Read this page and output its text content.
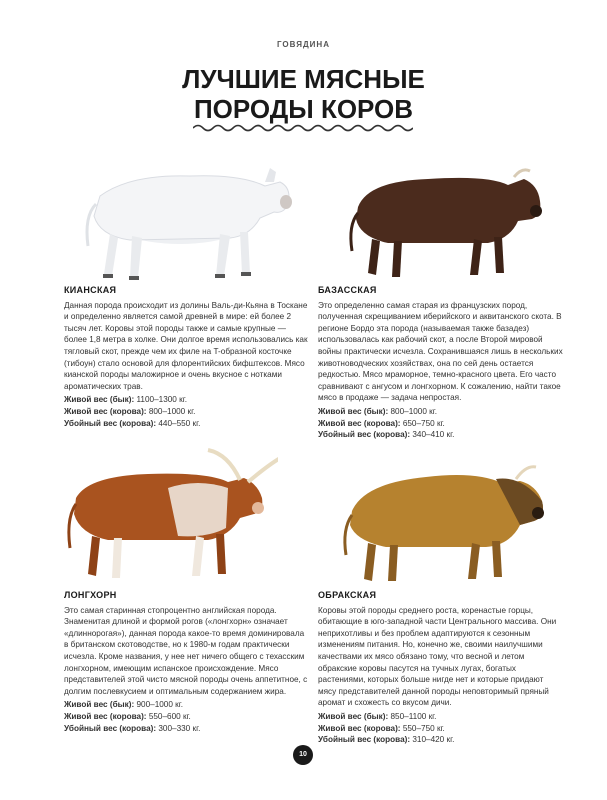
ГОВЯДИНА
ЛУЧШИЕ МЯСНЫЕ
ПОРОДЫ КОРОВ
КИАНСКАЯ

Данная порода происходит из долины Валь-ди-Кьяна в Тоскане и определенно является самой древней в мире: ей более 2 тысяч лет. Коровы этой породы также и самые крупные — более 1,8 метра в холке. Они долгое время использовались как тягловый скот, прежде чем их филе на T-образной косточке (тибоун) стало основой для флорентийских бифштексов. Мясо кианской породы маложирное и очень вкусное с нотками ароматических трав.

Живой вес (бык): 1100–1300 кг.
Живой вес (корова): 800–1000 кг.
Убойный вес (корова): 440–550 кг.
БАЗАССКАЯ

Это определенно самая старая из французских пород, полученная скрещиванием иберийского и аквитанского скота. В регионе Бордо эта порода (называемая также базадез) использовалась как рабочий скот, а после Второй мировой войны практически исчезла. Сохранившаяся лишь в нескольких животноводческих хозяйствах, она по сей день остается редкостью. Мясо мраморное, темно-красного цвета. Его часто сравнивают с ангусом и лонгхорном. К сожалению, найти такое мясо в продаже — задача непростая.

Живой вес (бык): 800–1000 кг.
Живой вес (корова): 650–750 кг.
Убойный вес (корова): 340–410 кг.
ЛОНГХОРН

Это самая старинная стопроцентно английская порода. Знаменитая длиной и формой рогов («лонгхорн» означает «длиннорогая»), данная порода какое-то время доминировала в британском скотоводстве, но к 1980-м годам практически исчезла. Кроме названия, у нее нет ничего общего с техасским лонгхорном, имеющим испанское происхождение. Мясо представителей этой чисто мясной породы очень аппетитное, с долгим послевкусием и оптимальным содержанием жира.

Живой вес (бык): 900–1000 кг.
Живой вес (корова): 550–600 кг.
Убойный вес (корова): 300–330 кг.
ОБРАКСКАЯ

Коровы этой породы среднего роста, коренастые горцы, обитающие в юго-западной части Центрального массива. Они неприхотливы и без проблем адаптируются к сезонным изменениям питания. Но, конечно же, своими наилучшими качествами их мясо обязано тому, что весной и летом обракские коровы пасутся на тучных лугах, богатых растениями, которых больше нигде нет и которые придают мясу представителей данной породы неповторимый пряный аромат и схожесть со вкусом дичи.

Живой вес (бык): 850–1100 кг.
Живой вес (корова): 550–750 кг.
Убойный вес (корова): 310–420 кг.
10
